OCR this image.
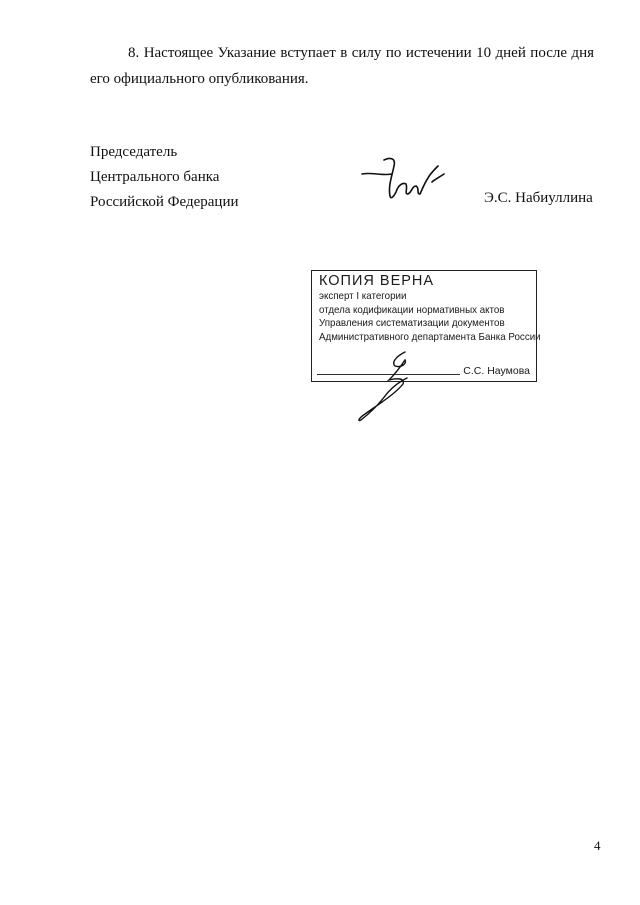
8. Настоящее Указание вступает в силу по истечении 10 дней после дня его официального опубликования.

Председатель
Центрального банка
Российской Федерации	Э.С. Набиуллина
КОПИЯ ВЕРНА
эксперт I категории
отдела кодификации нормативных актов
Управления систематизации документов
Административного департамента Банка России
С.С. Наумова
4
